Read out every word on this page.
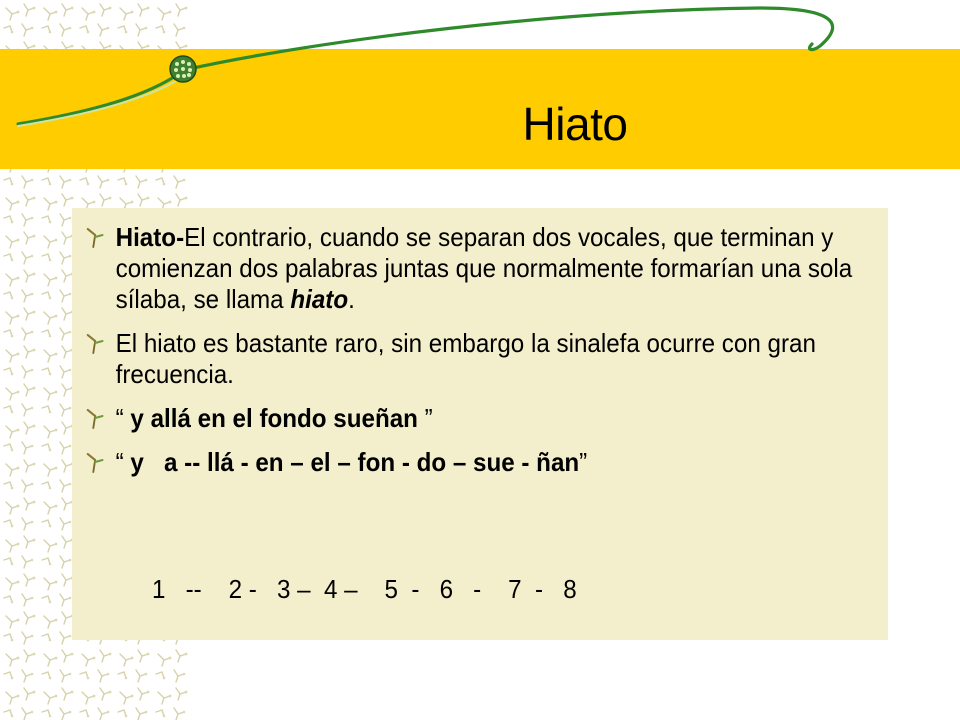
Hiato
Hiato-El contrario, cuando se separan dos vocales, que terminan y comienzan dos palabras juntas que normalmente formarían una sola sílaba, se llama hiato.
El hiato es bastante raro, sin embargo la sinalefa ocurre con gran frecuencia.
“ y allá en el fondo sueñan ”
“ y   a -- llá - en – el – fon - do – sue - ñan”
1   --    2 -   3 –  4 –    5  -   6   -    7  -   8
